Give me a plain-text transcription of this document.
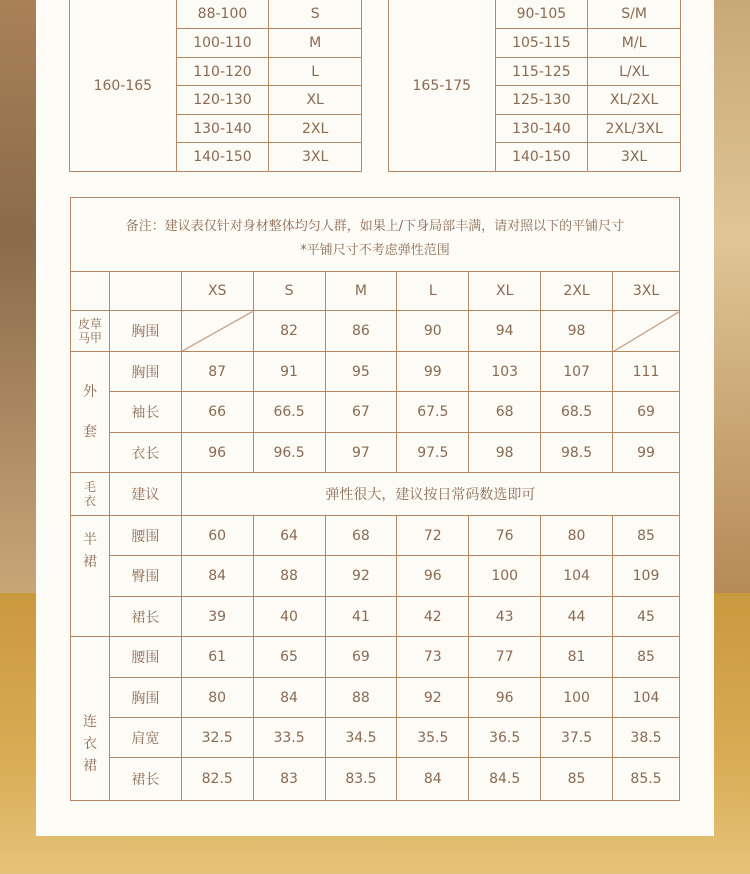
160-165	88-100	S
	100-110	M
	110-120	L
	120-130	XL
	130-140	2XL
	140-150	3XL
165-175	90-105	S/M
	105-115	M/L
	115-125	L/XL
	125-130	XL/2XL
	130-140	2XL/3XL
	140-150	3XL
备注：建议表仅针对身材整体均匀人群，如果上/下身局部丰满，请对照以下的平铺尺寸
*平铺尺寸不考虑弹性范围								

		XS	S	M	L	XL	2XL	3XL

皮草
马甲	胸围		82	86	90	94	98	

外
套	胸围	87	91	95	99	103	107	111
	袖长	66	66.5	67	67.5	68	68.5	69
	衣长	96	96.5	97	97.5	98	98.5	99

毛
衣	建议	弹性很大，建议按日常码数选即可						

半
裙	腰围	60	64	68	72	76	80	85
	臀围	84	88	92	96	100	104	109
	裙长	39	40	41	42	43	44	45

连
衣
裙	腰围	61	65	69	73	77	81	85
	胸围	80	84	88	92	96	100	104
	肩宽	32.5	33.5	34.5	35.5	36.5	37.5	38.5
	裙长	82.5	83	83.5	84	84.5	85	85.5
